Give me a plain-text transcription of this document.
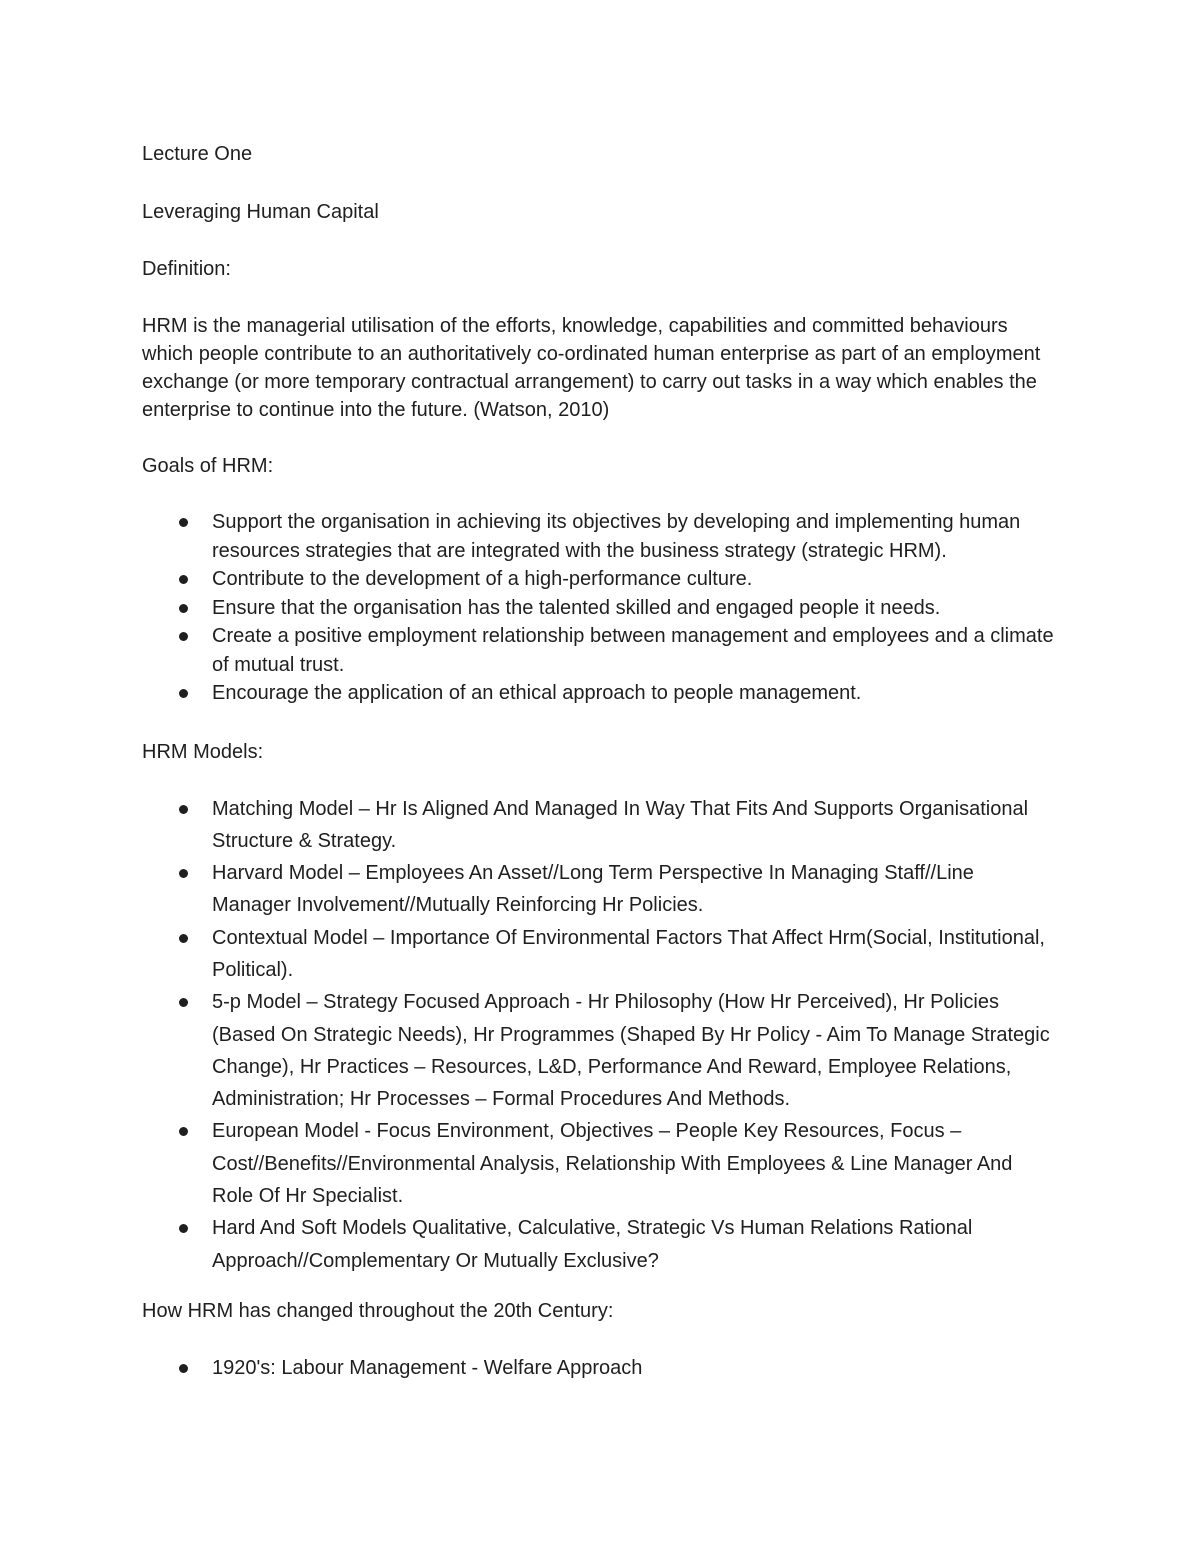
Lecture One

Leveraging Human Capital

Definition:

HRM is the managerial utilisation of the efforts, knowledge, capabilities and committed behaviours which people contribute to an authoritatively co-ordinated human enterprise as part of an employment exchange (or more temporary contractual arrangement) to carry out tasks in a way which enables the enterprise to continue into the future. (Watson, 2010)

Goals of HRM:

Support the organisation in achieving its objectives by developing and implementing human resources strategies that are integrated with the business strategy (strategic HRM).
Contribute to the development of a high-performance culture.
Ensure that the organisation has the talented skilled and engaged people it needs.
Create a positive employment relationship between management and employees and a climate of mutual trust.
Encourage the application of an ethical approach to people management.

HRM Models:

Matching Model – Hr Is Aligned And Managed In Way That Fits And Supports Organisational Structure & Strategy.
Harvard Model – Employees An Asset//Long Term Perspective In Managing Staff//Line Manager Involvement//Mutually Reinforcing Hr Policies.
Contextual Model – Importance Of Environmental Factors That Affect Hrm(Social, Institutional, Political).
5-p Model – Strategy Focused Approach - Hr Philosophy (How Hr Perceived), Hr Policies (Based On Strategic Needs), Hr Programmes (Shaped By Hr Policy - Aim To Manage Strategic Change), Hr Practices – Resources, L&D, Performance And Reward, Employee Relations, Administration; Hr Processes – Formal Procedures And Methods.
European Model - Focus Environment, Objectives – People Key Resources, Focus – Cost//Benefits//Environmental Analysis, Relationship With Employees & Line Manager And Role Of Hr Specialist.
Hard And Soft Models Qualitative, Calculative, Strategic Vs Human Relations Rational Approach//Complementary Or Mutually Exclusive?

How HRM has changed throughout the 20th Century:

1920's: Labour Management - Welfare Approach
